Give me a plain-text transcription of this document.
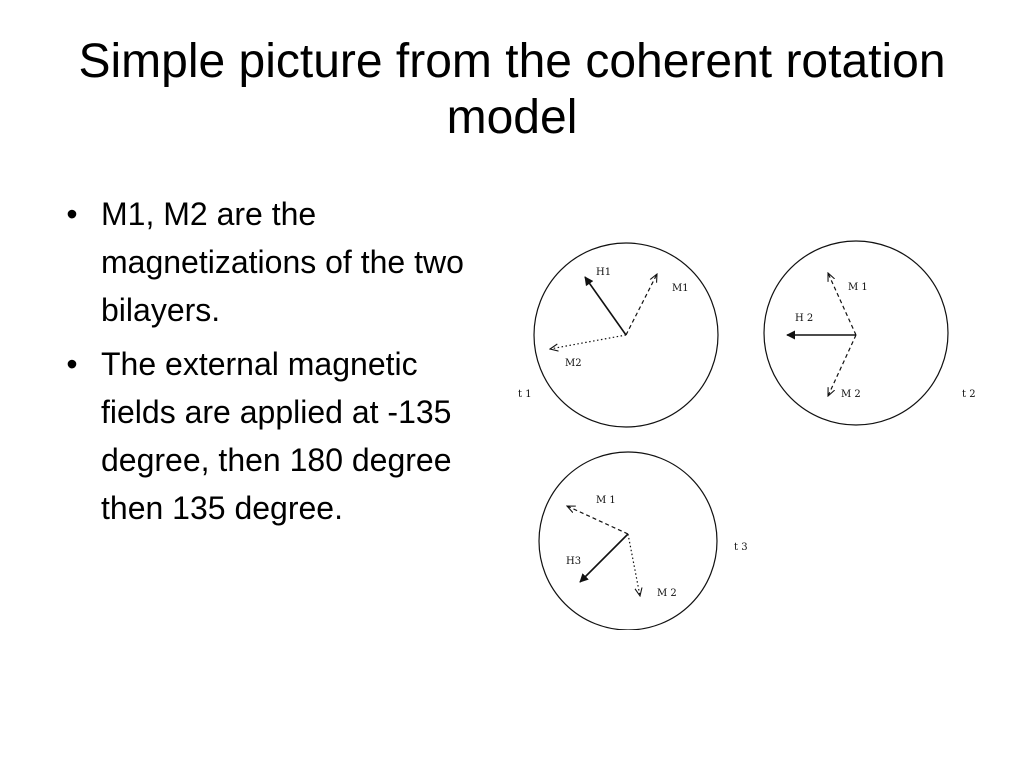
Simple picture from the coherent rotation model
• M1, M2 are the magnetizations of the two bilayers.
• The external magnetic fields are applied at -135 degree, then 180 degree then 135 degree.
H1
M1
M2
t 1
H 2
M 1
M 2	t 2
M 1
H3
M 2
t 3
